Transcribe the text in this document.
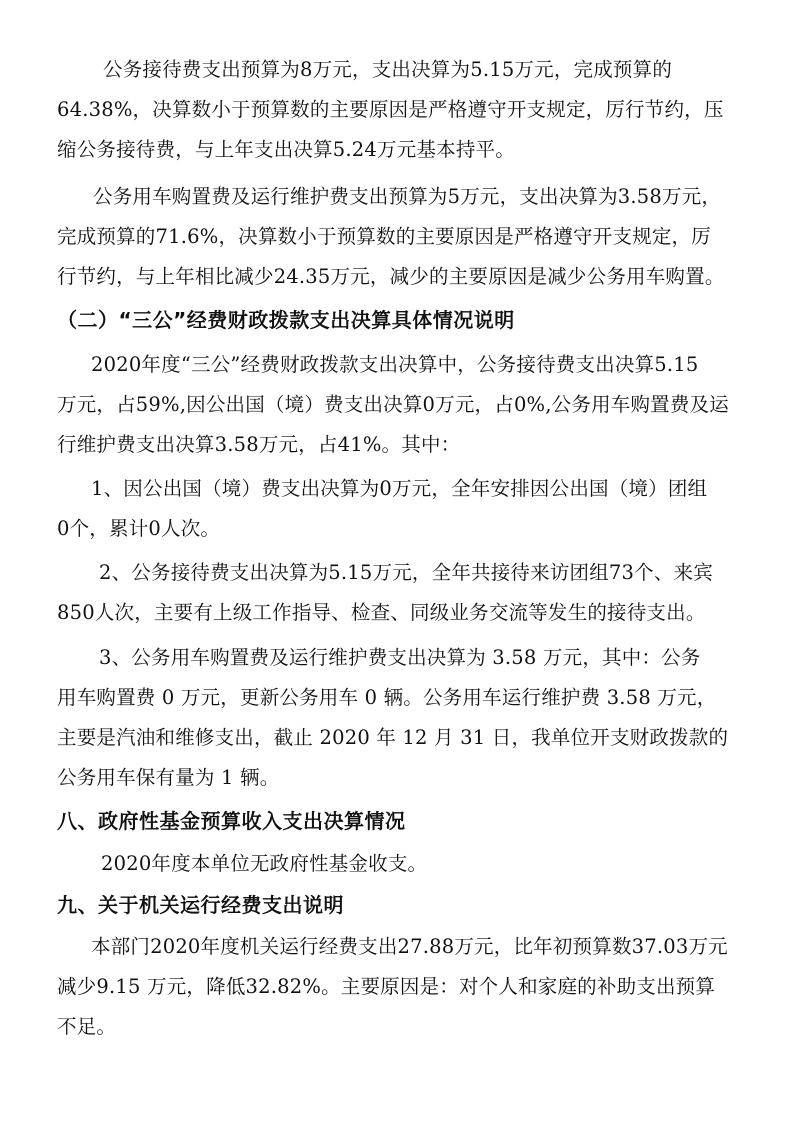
公务接待费支出预算为8万元，支出决算为5.15万元，完成预算的
64.38%，决算数小于预算数的主要原因是严格遵守开支规定，厉行节约，压
缩公务接待费，与上年支出决算5.24万元基本持平。
公务用车购置费及运行维护费支出预算为5万元，支出决算为3.58万元，
完成预算的71.6%，决算数小于预算数的主要原因是严格遵守开支规定，厉
行节约，与上年相比减少24.35万元，减少的主要原因是减少公务用车购置。
（二）“三公”经费财政拨款支出决算具体情况说明
2020年度“三公”经费财政拨款支出决算中，公务接待费支出决算5.15
万元，占59%,因公出国（境）费支出决算0万元，占0%,公务用车购置费及运
行维护费支出决算3.58万元，占41%。其中：
1、因公出国（境）费支出决算为0万元，全年安排因公出国（境）团组
0个，累计0人次。
2、公务接待费支出决算为5.15万元，全年共接待来访团组73个、来宾
850人次，主要有上级工作指导、检查、同级业务交流等发生的接待支出。
3、公务用车购置费及运行维护费支出决算为 3.58 万元，其中：公务
用车购置费 0 万元，更新公务用车 0 辆。公务用车运行维护费 3.58 万元，
主要是汽油和维修支出，截止 2020 年 12 月 31 日，我单位开支财政拨款的
公务用车保有量为 1 辆。
八、政府性基金预算收入支出决算情况
2020年度本单位无政府性基金收支。
九、关于机关运行经费支出说明
本部门2020年度机关运行经费支出27.88万元，比年初预算数37.03万元
减少9.15 万元，降低32.82%。主要原因是：对个人和家庭的补助支出预算
不足。
